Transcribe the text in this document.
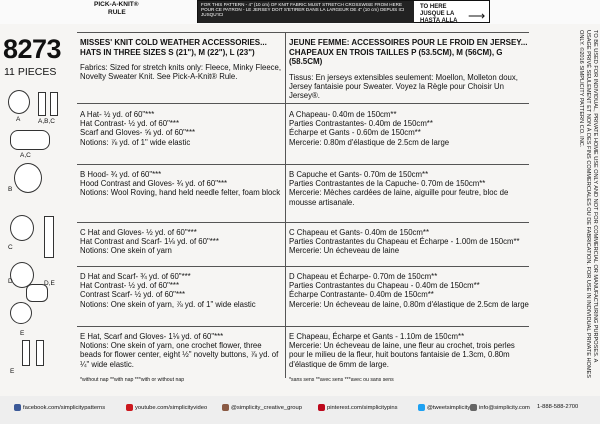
PICK-A-KNIT®
RULE
FOR THIS PATTERN - 4" (10 cm) OF KNIT FABRIC MUST STRETCH CROSSWISE FROM HERE POUR CE PATRON - LE JERSEY DOIT S'ETIRER DANS LA LARGEUR DE 4" (10 cm) DEPUIS ICI JUSQU'ICI
TO HERE
JUSQUE LA
HASTA ALLA ⟶
8273
11 PIECES
A	A,B,C
A,C
B
C
D	D,E
E
E
MISSES' KNIT COLD WEATHER ACCESSORIES...
HATS IN THREE SIZES S (21"), M (22"), L (23")
Fabrics: Sized for stretch knits only: Fleece, Minky Fleece, Novelty Sweater Knit. See Pick-A-Knit® Rule.

A Hat- ½ yd. of 60"***

Hat Contrast- ½ yd. of 60"***

Scarf and Gloves- ⅝ yd. of 60"***

Notions: ⅞ yd. of 1" wide elastic

B Hood- ¾ yd. of 60"***

Hood Contrast and Gloves- ¾ yd. of 60"***

Notions: Wool Roving, hand held needle felter, foam block

C Hat and Gloves- ½ yd. of 60"***

Hat Contrast and Scarf- 1⅛ yd. of 60"***

Notions: One skein of yarn

D Hat and Scarf- ¾ yd. of 60"***

Hat Contrast- ½ yd. of 60"***

Contrast Scarf- ½ yd. of 60"***

Notions: One skein of yarn, ⅞ yd. of 1" wide elastic

E Hat, Scarf and Gloves- 1⅛ yd. of 60"***

Notions: One skein of yarn, one crochet flower, three beads for flower center, eight ½" novelty buttons, ⅞ yd. of ¼" wide elastic.

*without nap **with nap ***with or without nap
JEUNE FEMME: ACCESSOIRES POUR LE FROID EN JERSEY...
CHAPEAUX EN TROIS TAILLES P (53.5CM), M (56CM), G (58.5CM)
Tissus: En jerseys extensibles seulement: Moellon, Molleton doux, Jersey fantaisie pour Sweater. Voyez la Règle pour Choisir Un Jersey®.

A Chapeau- 0.40m de 150cm**

Parties Contrastantes- 0.40m de 150cm**

Écharpe et Gants - 0.60m de 150cm**

Mercerie: 0.80m d'élastique de 2.5cm de large

B Capuche et Gants- 0.70m de 150cm**

Parties Contrastantes de la Capuche- 0.70m de 150cm**

Mercerie: Mèches cardées de laine, aiguille pour feutre, bloc de mousse artisanale.

C Chapeau et Gants- 0.40m de 150cm**

Parties Contrastantes du Chapeau et Écharpe - 1.00m de 150cm**

Mercerie: Un écheveau de laine

D Chapeau et Écharpe- 0.70m de 150cm**

Parties Contrastantes du Chapeau - 0.40m de 150cm**

Écharpe Contrastante- 0.40m de 150cm**

Mercerie: Un écheveau de laine, 0.80m d'élastique de 2.5cm de large

E Chapeau, Écharpe et Gants - 1.10m de 150cm**

Mercerie: Un écheveau de laine, une fleur au crochet, trois perles pour le milieu de la fleur, huit boutons fantaisie de 1.3cm, 0.80m d'élastique de 6mm de large.

*sans sens **avec sens ***avec ou sans sens
TO BE USED FOR INDIVIDUAL, PRIVATE HOME USE ONLY AND NOT FOR COMMERCIAL OR MANUFACTURING PURPOSES. A USAGE PRIVÉ SEULEMENT ET NON À DES FINS COMMERCIALES OU DE FABRICATION. FOR USE IN INDIVIDUAL PRIVATE HOMES ONLY. ©2016 SIMPLICITY PATTERN CO. INC.
facebook.com/simplicitypatterns	youtube.com/simplicityvideo	@simplicity_creative_group	pinterest.com/simplicitypins	@tweetsimplicity	info@simplicity.com 1-888-588-2700
